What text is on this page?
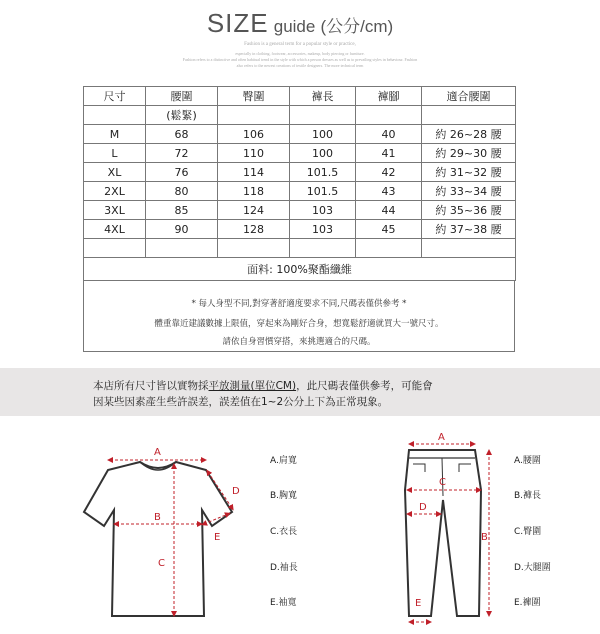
SIZE guide (公分/cm)
Fashion is a general term for a popular style or practice,
especially in clothing, footwear, accessories, makeup, body piercing or furniture.
Fashion refers to a distinctive and often habitual trend in the style with which a person dresses as well as to prevailing styles in behaviour. Fashion
also refers to the newest creations of textile designers. The more technical term
尺寸	腰圍	臀圍	褲長	褲腳	適合腰圍
	(鬆緊)				
M	68	106	100	40	約 26~28 腰
L	72	110	100	41	約 29~30 腰
XL	76	114	101.5	42	約 31~32 腰
2XL	80	118	101.5	43	約 33~34 腰
3XL	85	124	103	44	約 35~36 腰
4XL	90	128	103	45	約 37~38 腰

面料: 100%聚酯纖維					
* 每人身型不同,對穿著舒適度要求不同,尺碼表僅供參考 *
體重靠近建議數據上限值，穿起來為剛好合身，想寬鬆舒適就買大一號尺寸。
請依自身習慣穿搭，來挑選適合的尺碼。

本店所有尺寸皆以實物採平放測量(單位CM)，此尺碼表僅供參考，可能會

因某些因素產生些許誤差，誤差值在1~2公分上下為正常現象。

A
B
C
D
E
A.肩寬
B.胸寬
C.衣長
D.袖長
E.袖寬
A
B
C
D
E
A.腰圍
B.褲長
C.臀圍
D.大腿圍
E.褲圍
